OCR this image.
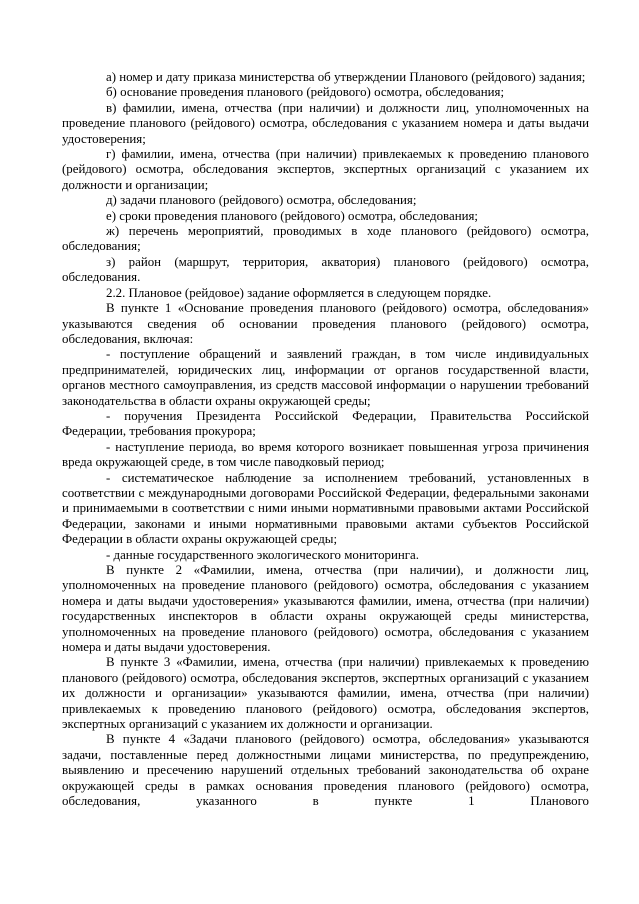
а) номер и дату приказа министерства об утверждении Планового (рейдового) задания;

б) основание проведения планового (рейдового) осмотра, обследования;

в) фамилии, имена, отчества (при наличии) и должности лиц, уполномоченных на проведение планового (рейдового) осмотра, обследования с указанием номера и даты выдачи удостоверения;

г) фамилии, имена, отчества (при наличии) привлекаемых к проведению планового (рейдового) осмотра, обследования экспертов, экспертных организаций с указанием их должности и организации;

д) задачи планового (рейдового) осмотра, обследования;

е) сроки проведения планового (рейдового) осмотра, обследования;

ж) перечень мероприятий, проводимых в ходе планового (рейдового) осмотра, обследования;

з) район (маршрут, территория, акватория) планового (рейдового) осмотра, обследования.

2.2. Плановое (рейдовое) задание оформляется в следующем порядке.

В пункте 1 «Основание проведения планового (рейдового) осмотра, обследования» указываются сведения об основании проведения планового (рейдового) осмотра, обследования, включая:

- поступление обращений и заявлений граждан, в том числе индивидуальных предпринимателей, юридических лиц, информации от органов государственной власти, органов местного самоуправления, из средств массовой информации о нарушении требований законодательства в области охраны окружающей среды;

- поручения Президента Российской Федерации, Правительства Российской Федерации, требования прокурора;

- наступление периода, во время которого возникает повышенная угроза причинения вреда окружающей среде, в том числе паводковый период;

- систематическое наблюдение за исполнением требований, установленных в соответствии с международными договорами Российской Федерации, федеральными законами и принимаемыми в соответствии с ними иными нормативными правовыми актами Российской Федерации, законами и иными нормативными правовыми актами субъектов Российской Федерации в области охраны окружающей среды;

- данные государственного экологического мониторинга.

В пункте 2 «Фамилии, имена, отчества (при наличии), и должности лиц, уполномоченных на проведение планового (рейдового) осмотра, обследования с указанием номера и даты выдачи удостоверения» указываются фамилии, имена, отчества (при наличии) государственных инспекторов в области охраны окружающей среды министерства, уполномоченных на проведение планового (рейдового) осмотра, обследования с указанием номера и даты выдачи удостоверения.

В пункте 3 «Фамилии, имена, отчества (при наличии) привлекаемых к проведению планового (рейдового) осмотра, обследования экспертов, экспертных организаций с указанием их должности и организации» указываются фамилии, имена, отчества (при наличии) привлекаемых к проведению планового (рейдового) осмотра, обследования экспертов, экспертных организаций с указанием их должности и организации.

В пункте 4 «Задачи планового (рейдового) осмотра, обследования» указываются задачи, поставленные перед должностными лицами министерства, по предупреждению, выявлению и пресечению нарушений отдельных требований законодательства об охране окружающей среды в рамках основания проведения планового (рейдового) осмотра, обследования, указанного в пункте 1 Планового
